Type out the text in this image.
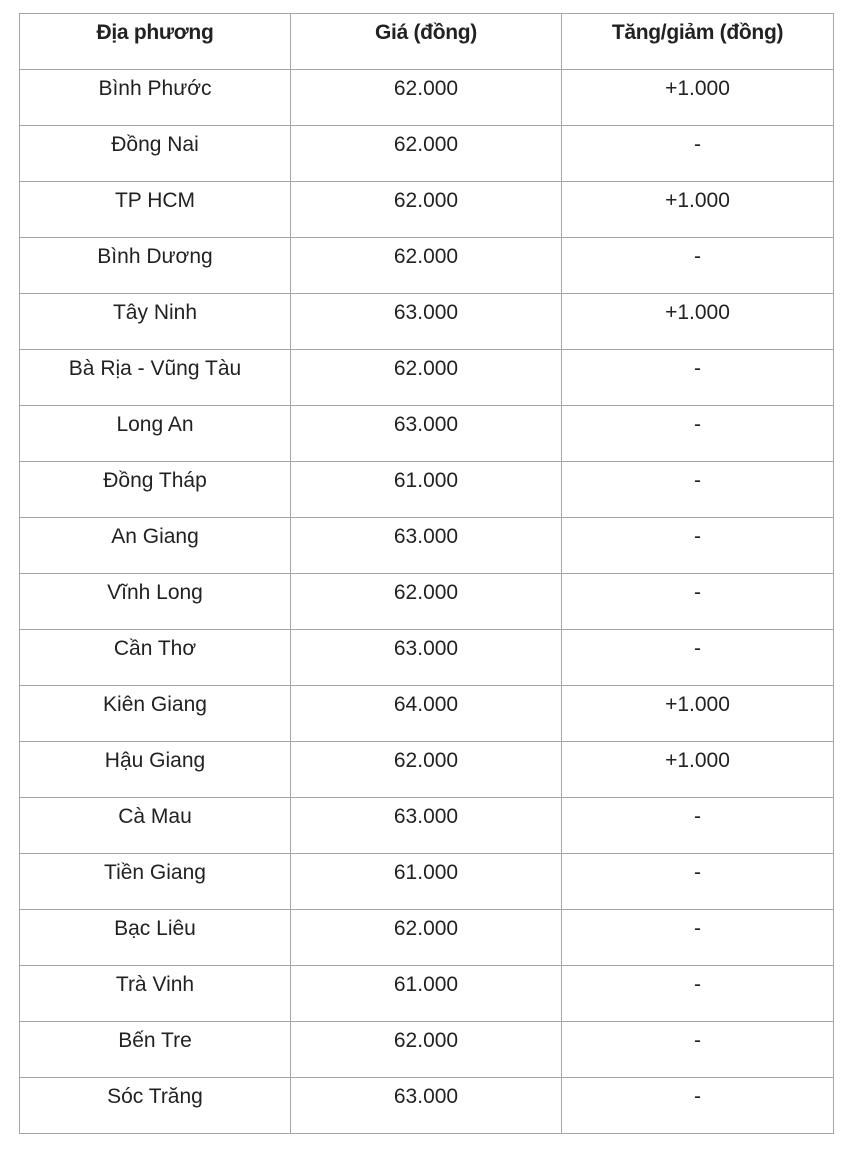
Địa phương	Giá (đồng)	Tăng/giảm (đồng)

Bình Phước	62.000	+1.000

Đồng Nai	62.000	-

TP HCM	62.000	+1.000

Bình Dương	62.000	-

Tây Ninh	63.000	+1.000

Bà Rịa - Vũng Tàu	62.000	-

Long An	63.000	-

Đồng Tháp	61.000	-

An Giang	63.000	-

Vĩnh Long	62.000	-

Cần Thơ	63.000	-

Kiên Giang	64.000	+1.000

Hậu Giang	62.000	+1.000

Cà Mau	63.000	-

Tiền Giang	61.000	-

Bạc Liêu	62.000	-

Trà Vinh	61.000	-

Bến Tre	62.000	-

Sóc Trăng	63.000	-
